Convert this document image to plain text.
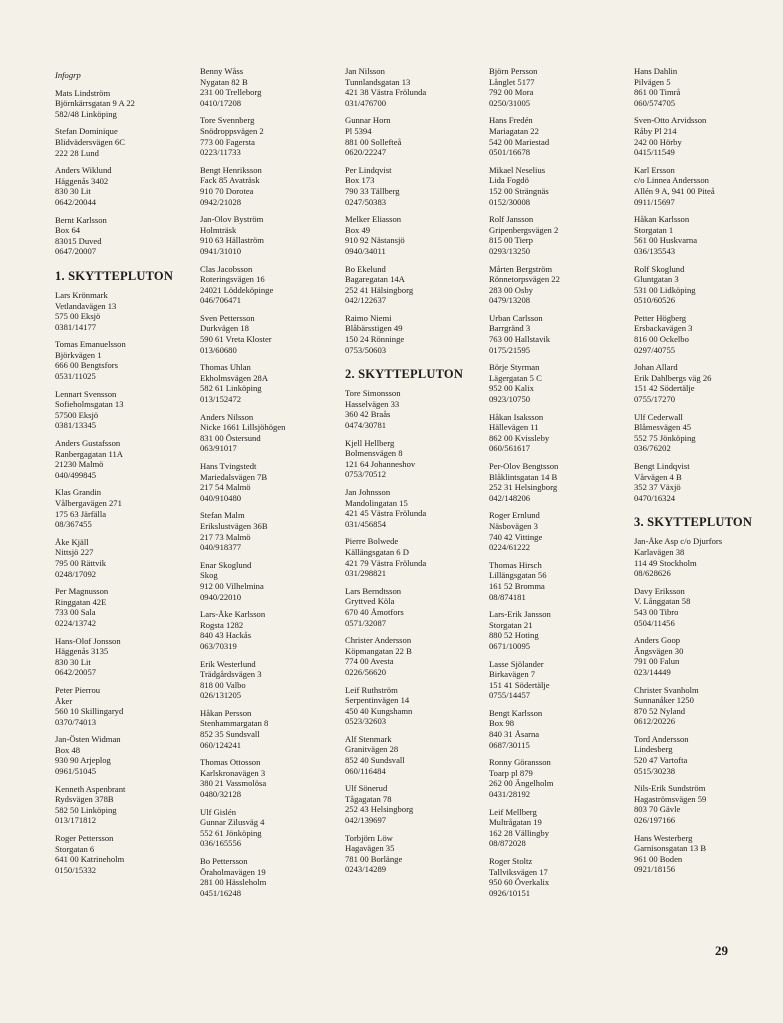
Infogrp
Mats Lindström
Björnkärrsgatan 9 A 22
582/48 Linköping
Stefan Dominique
Blidvädersvägen 6C
222 28 Lund
Anders Wiklund
Häggenås 3402
830 30 Lit
0642/20044
Bernt Karlsson
Box 64
83015 Duved
0647/20007
1. SKYTTEPLUTON
Lars Krönmark
Vetlandavägen 13
575 00 Eksjö
0381/14177
Tomas Emanuelsson
Björkvägen 1
666 00 Bengtsfors
0531/11025
Lennart Svensson
Sofieholmsgatan 13
57500 Eksjö
0381/13345
Anders Gustafsson
Ranbergagatan 11A
21230 Malmö
040/499845
Klas Grandin
Vålbergavägen 271
175 63 Järfälla
08/367455
Åke Kjäll
Nittsjö 227
795 00 Rättvik
0248/17092
Per Magnusson
Ringgatan 42E
733 00 Sala
0224/13742
Hans-Olof Jonsson
Häggenås 3135
830 30 Lit
0642/20057
Peter Pierrou
Åker
560 10 Skillingaryd
0370/74013
Jan-Östen Widman
Box 48
930 90 Arjeplog
0961/51045
Kenneth Aspenbrant
Rydsvägen 378B
582 50 Linköping
013/171812
Roger Pettersson
Storgatan 6
641 00 Katrineholm
0150/15332
Benny Wåss
Nygatan 82 B
231 00 Trelleborg
0410/17208
Tore Svennberg
Snödroppsvägen 2
773 00 Fagersta
0223/11733
Bengt Henriksson
Fack 85 Avaträsk
910 70 Dorotea
0942/21028
Jan-Olov Byström
Holmträsk
910 63 Hällaström
0941/31010
Clas Jacobsson
Roteringsvägen 16
24021 Löddeköpinge
046/706471
Sven Pettersson
Durkvägen 18
590 61 Vreta Kloster
013/60680
Thomas Uhlan
Ekholmsvägen 28A
582 61 Linköping
013/152472
Anders Nilsson
Nicke 1661 Lillsjöhögen
831 00 Östersund
063/91017
Hans Tvingstedt
Mariedalsvägen 7B
217 54 Malmö
040/910480
Stefan Malm
Erikslustvägen 36B
217 73 Malmö
040/918377
Enar Skoglund
Skog
912 00 Vilhelmina
0940/22010
Lars-Åke Karlsson
Rogsta 1282
840 43 Hackås
063/70319
Erik Westerlund
Trädgårdsvägen 3
818 00 Valbo
026/131205
Håkan Persson
Stenhammargatan 8
852 35 Sundsvall
060/124241
Thomas Ottosson
Karlskronavägen 3
380 21 Vassmolösa
0480/32128
Ulf Gislén
Gunnar Zilusväg 4
552 61 Jönköping
036/165556
Bo Pettersson
Öraholmavägen 19
281 00 Hässleholm
0451/16248
Jan Nilsson
Tunnlandsgatan 13
421 38 Västra Frölunda
031/476700
Gunnar Horn
Pl 5394
881 00 Sollefteå
0620/22247
Per Lindqvist
Box 173
790 33 Tällberg
0247/50383
Melker Eliasson
Box 49
910 92 Nästansjö
0940/34011
Bo Ekelund
Bagaregatan 14A
252 41 Hälsingborg
042/122637
Raimo Niemi
Blåbärsstigen 49
150 24 Rönninge
0753/50603
2. SKYTTEPLUTON
Tore Simonsson
Hasselvägen 33
360 42 Braås
0474/30781
Kjell Hellberg
Bolmensvägen 8
121 64 Johanneshov
0753/70512
Jan Johnsson
Mandolingatan 15
421 45 Västra Frölunda
031/456854
Pierre Bolwede
Källängsgatan 6 D
421 79 Västra Frölunda
031/298821
Lars Berndtsson
Gryttved Köla
670 40 Åmotfors
0571/32087
Christer Andersson
Köpmangatan 22 B
774 00 Avesta
0226/56620
Leif Ruthström
Serpentinvägen 14
450 40 Kungshamn
0523/32603
Alf Stenmark
Granitvägen 28
852 40 Sundsvall
060/116484
Ulf Sönerud
Tågagatan 78
252 43 Helsingborg
042/139697
Torbjörn Löw
Hagavägen 35
781 00 Borlänge
0243/14289
Björn Persson
Långlet 5177
792 00 Mora
0250/31005
Hans Fredén
Mariagatan 22
542 00 Mariestad
0501/16678
Mikael Neselius
Lida Fogdö
152 00 Strängnäs
0152/30008
Rolf Jansson
Gripenbergsvägen 2
815 00 Tierp
0293/13250
Mårten Bergström
Rönnetorpsvägen 22
283 00 Osby
0479/13208
Urban Carlsson
Barrgränd 3
763 00 Hallstavik
0175/21595
Börje Styrman
Lägergatan 5 C
952 00 Kalix
0923/10750
Håkan Isaksson
Hällevägen 11
862 00 Kvissleby
060/561617
Per-Olov Bengtsson
Blåklintsgatan 14 B
252 31 Helsingborg
042/148206
Roger Ernlund
Näsbovägen 3
740 42 Vittinge
0224/61222
Thomas Hirsch
Lillängsgatan 56
161 52 Bromma
08/874181
Lars-Erik Jansson
Storgatan 21
880 52 Hoting
0671/10095
Lasse Sjölander
Birkavägen 7
151 41 Södertälje
0755/14457
Bengt Karlsson
Box 98
840 31 Åsarna
0687/30115
Ronny Göransson
Toarp pl 879
262 00 Ängelholm
0431/28192
Leif Mellberg
Multrågatan 19
162 28 Vällingby
08/872028
Roger Stoltz
Tallviksvägen 17
950 60 Överkalix
0926/10151
Hans Dahlin
Pilvägen 5
861 00 Timrå
060/574705
Sven-Otto Arvidsson
Råby Pl 214
242 00 Hörby
0415/11549
Karl Ersson
c/o Linnea Andersson
Allén 9 A, 941 00 Piteå
0911/15697
Håkan Karlsson
Storgatan 1
561 00 Huskvarna
036/135543
Rolf Skoglund
Gluntgatan 3
531 00 Lidköping
0510/60526
Petter Högberg
Ersbackavägen 3
816 00 Ockelbo
0297/40755
Johan Allard
Erik Dahlbergs väg 26
151 42 Södertälje
0755/17270
Ulf Cederwall
Blåmesvägen 45
552 75 Jönköping
036/76202
Bengt Lindqvist
Vårvägen 4 B
352 37 Växjö
0470/16324
3. SKYTTEPLUTON
Jan-Åke Asp c/o Djurfors
Karlavägen 38
114 49 Stockholm
08/628626
Davy Eriksson
V. Långgatan 58
543 00 Tibro
0504/11456
Anders Goop
Ängsvägen 30
791 00 Falun
023/14449
Christer Svanholm
Sunnanåker 1250
870 52 Nyland
0612/20226
Tord Andersson
Lindesberg
520 47 Vartofta
0515/30238
Nils-Erik Sundström
Hagaströmsvägen 59
803 70 Gävle
026/197166
Hans Westerberg
Garnisonsgatan 13 B
961 00 Boden
0921/18156
29
